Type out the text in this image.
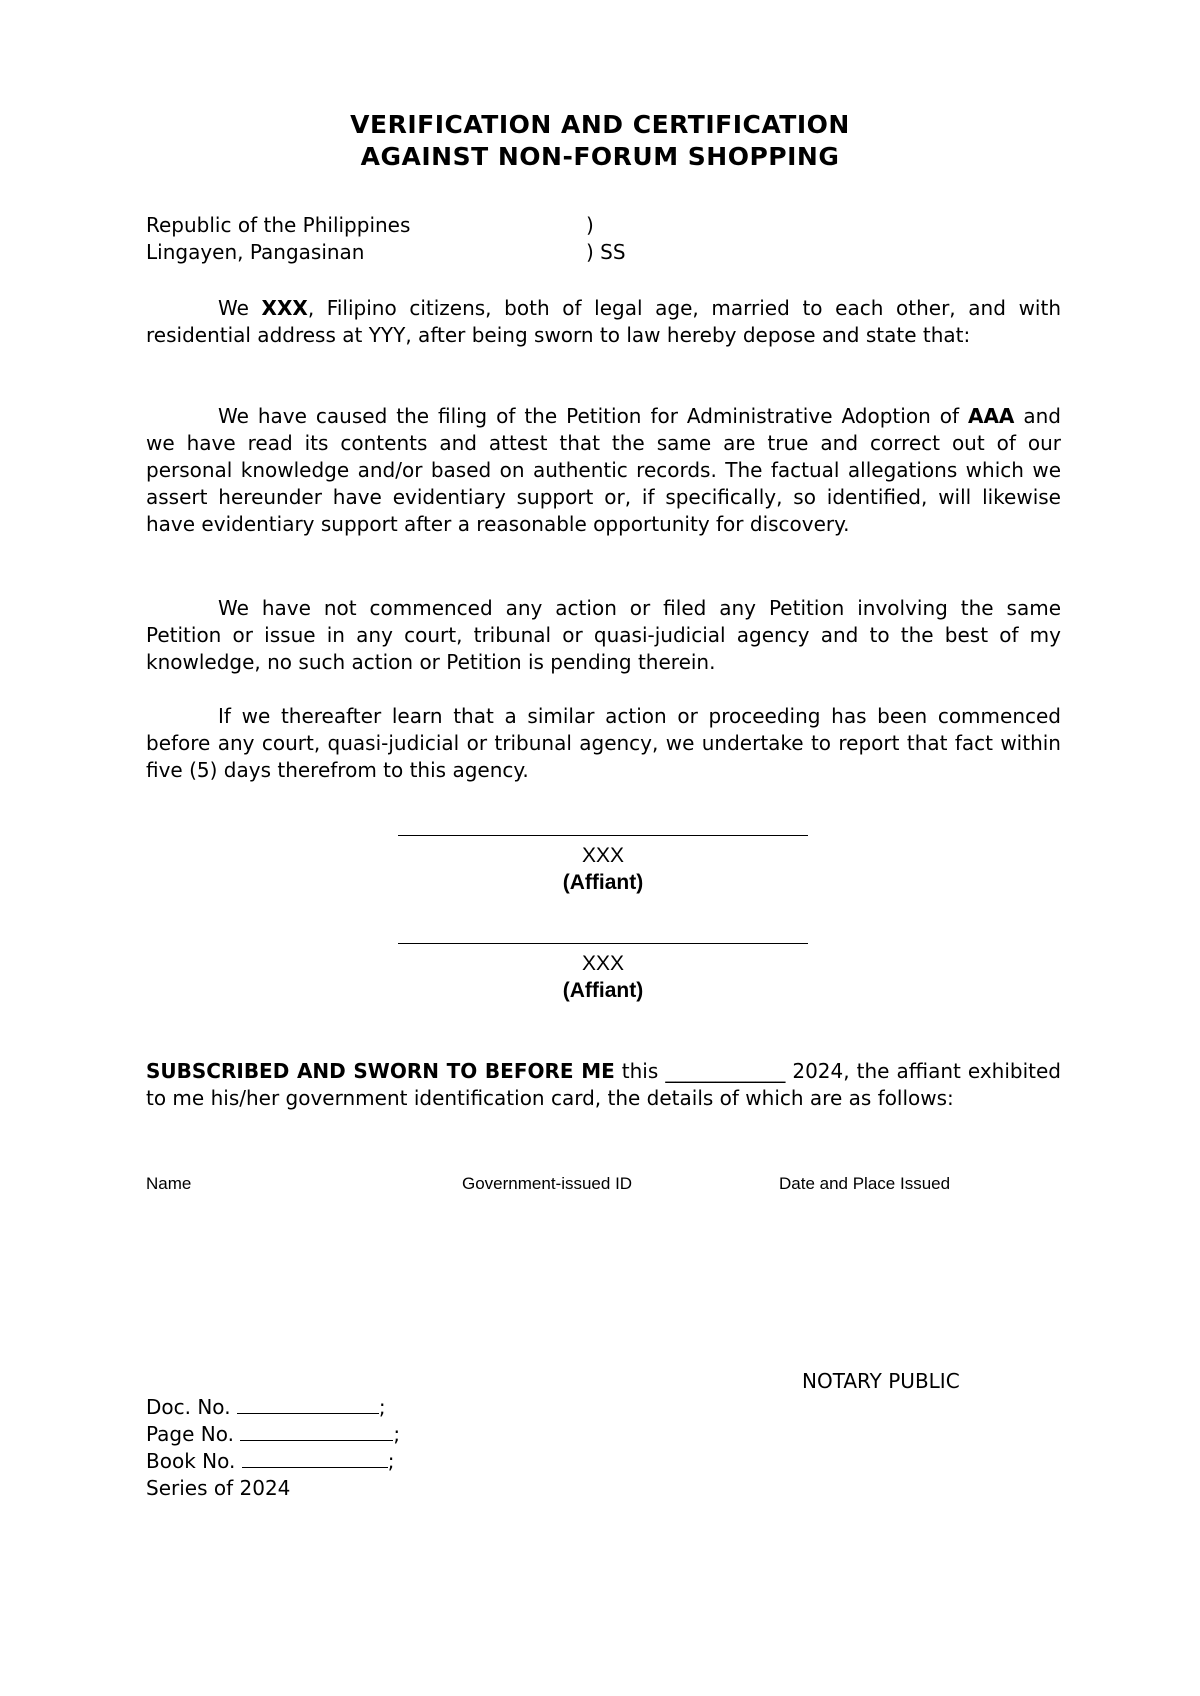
VERIFICATION AND CERTIFICATION
AGAINST NON-FORUM SHOPPING
Republic of the Philippines	)
Lingayen, Pangasinan	) SS

We XXX, Filipino citizens, both of legal age, married to each other, and with residential address at YYY, after being sworn to law hereby depose and state that:

We have caused the filing of the Petition for Administrative Adoption of AAA and we have read its contents and attest that the same are true and correct out of our personal knowledge and/or based on authentic records. The factual allegations which we assert hereunder have evidentiary support or, if specifically, so identified, will likewise have evidentiary support after a reasonable opportunity for discovery.

We have not commenced any action or filed any Petition involving the same Petition or issue in any court, tribunal or quasi-judicial agency and to the best of my knowledge, no such action or Petition is pending therein.

If we thereafter learn that a similar action or proceeding has been commenced before any court, quasi-judicial or tribunal agency, we undertake to report that fact within five (5) days therefrom to this agency.

XXX
(Affiant)
XXX
(Affiant)

SUBSCRIBED AND SWORN TO BEFORE ME this ____________ 2024, the affiant exhibited to me his/her government identification card, the details of which are as follows:

Name	Government-issued ID	Date and Place Issued
NOTARY PUBLIC
Doc. No.	;
Page No.	;
Book No.	;
Series of 2024
